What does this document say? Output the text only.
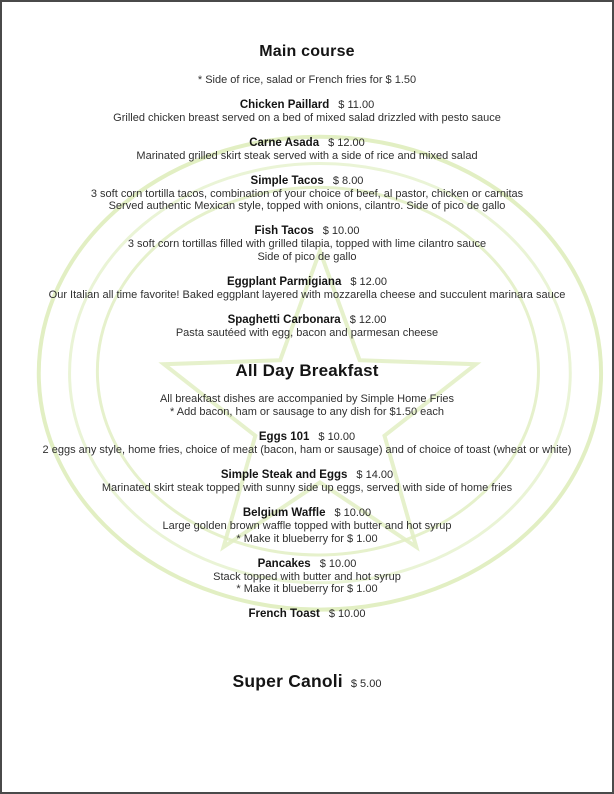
Main course
* Side of rice, salad or French fries for $ 1.50
Chicken Paillard $ 11.00
Grilled chicken breast served on a bed of mixed salad drizzled with pesto sauce
Carne Asada $ 12.00
Marinated grilled skirt steak served with a side of rice and mixed salad
Simple Tacos $ 8.00
3 soft corn tortilla tacos, combination of your choice of beef, al pastor, chicken or carnitas
Served authentic Mexican style, topped with onions, cilantro. Side of pico de gallo
Fish Tacos $ 10.00
3 soft corn tortillas filled with grilled tilapia, topped with lime cilantro sauce
Side of pico de gallo
Eggplant Parmigiana $ 12.00
Our Italian all time favorite! Baked eggplant layered with mozzarella cheese and succulent marinara sauce
Spaghetti Carbonara $ 12.00
Pasta sautéed with egg, bacon and parmesan cheese
All Day Breakfast
All breakfast dishes are accompanied by Simple Home Fries
* Add bacon, ham or sausage to any dish for $1.50 each
Eggs 101 $ 10.00
2 eggs any style, home fries, choice of meat (bacon, ham or sausage) and of choice of toast (wheat or white)
Simple Steak and Eggs $ 14.00
Marinated skirt steak topped with sunny side up eggs, served with side of home fries
Belgium Waffle $ 10.00
Large golden brown waffle topped with butter and hot syrup
* Make it blueberry for $ 1.00
Pancakes $ 10.00
Stack topped with butter and hot syrup
* Make it blueberry for $ 1.00
French Toast $ 10.00
Super Canoli $ 5.00
